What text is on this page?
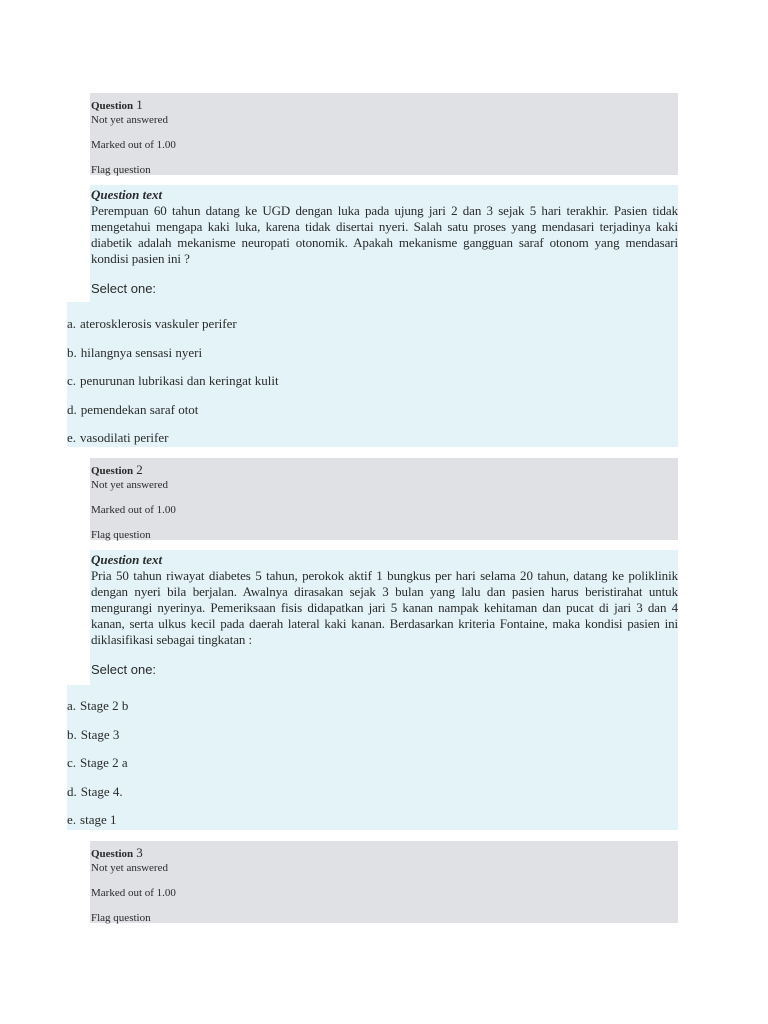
Question 1
Not yet answered
Marked out of 1.00
Flag question
Question text
Perempuan 60 tahun datang ke UGD dengan luka pada ujung jari 2 dan 3 sejak 5 hari terakhir. Pasien tidak mengetahui mengapa kaki luka, karena tidak disertai nyeri. Salah satu proses yang mendasari terjadinya kaki diabetik adalah mekanisme neuropati otonomik. Apakah mekanisme gangguan saraf otonom yang mendasari kondisi pasien ini ?
Select one:
a. aterosklerosis vaskuler perifer
b. hilangnya sensasi nyeri
c. penurunan lubrikasi dan keringat kulit
d. pemendekan saraf otot
e. vasodilati perifer
Question 2
Not yet answered
Marked out of 1.00
Flag question
Question text
Pria 50 tahun riwayat diabetes 5 tahun, perokok aktif 1 bungkus per hari selama 20 tahun, datang ke poliklinik dengan nyeri bila berjalan. Awalnya dirasakan sejak 3 bulan yang lalu dan pasien harus beristirahat untuk mengurangi nyerinya. Pemeriksaan fisis didapatkan jari 5 kanan nampak kehitaman dan pucat di jari 3 dan 4 kanan, serta ulkus kecil pada daerah lateral kaki kanan. Berdasarkan kriteria Fontaine, maka kondisi pasien ini diklasifikasi sebagai tingkatan :
Select one:
a. Stage 2 b
b. Stage 3
c. Stage 2 a
d. Stage 4.
e. stage 1
Question 3
Not yet answered
Marked out of 1.00
Flag question
